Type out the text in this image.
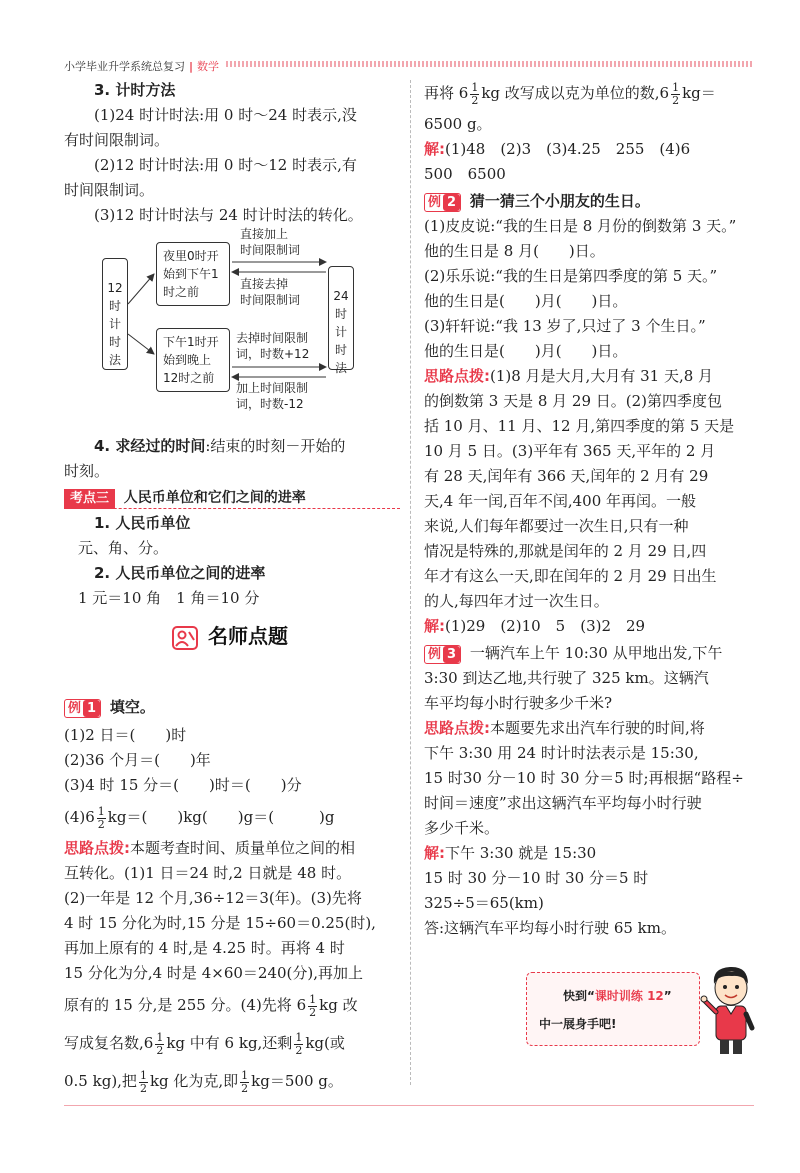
小学毕业升学系统总复习 | 数学
3. 计时方法
(1)24 时计时法:用 0 时～24 时表示,没
有时间限制词。
(2)12 时计时法:用 0 时～12 时表示,有
时间限制词。
(3)12 时计时法与 24 时计时法的转化。
4. 求经过的时间:结束的时刻－开始的
时刻。
考点三 人民币单位和它们之间的进率
1. 人民币单位
元、角、分。
2. 人民币单位之间的进率
1 元＝10 角　1 角＝10 分
例 1 填空。
(1)2 日＝(　　)时
(2)36 个月＝(　　)年
(3)4 时 15 分＝(　　)时＝(　　)分
$(4)6 \frac{1}{2} kg=$(　　)kg(　　)g＝(　　　)g
思路点拨:本题考查时间、质量单位之间的相
互转化。(1)1 日＝24 时,2 日就是 48 时。
(2)一年是 12 个月,36÷12＝3(年)。(3)先将
4 时 15 分化为时,15 分是 15÷60＝0.25(时),
再加上原有的 4 时,是 4.25 时。再将 4 时
15 分化为分,4 时是 4×60＝240(分),再加上
原有的 15 分,是 255 分。(4)先将 $6 \frac{1}{2}$ kg 改
写成复名数$,6 \frac{1}{2}$ kg 中有 6 kg,还剩 $\frac{1}{2} kg$(或
0.5 kg),把 $\frac{1}{2}$ kg 化为克,即 $\frac{1}{2} kg=500$ g。
12
时
计
时
法
夜里0时开
始到下午1
时之前
下午1时开
始到晚上
12时之前
24
时
计
时
法
直接加上
时间限制词
直接去掉
时间限制词
去掉时间限制
词，时数+12
加上时间限制
词，时数-12
名师点题
再将 $6 \frac{1}{2}$ kg 改写成以克为单位的数$,6 \frac{1}{2} kg=$
6500 g。
解:(1)48　(2)3　(3)4.25　255　(4)6
500　6500
例 2 猜一猜三个小朋友的生日。
(1)皮皮说:“我的生日是 8 月份的倒数第 3 天。”
他的生日是 8 月(　　)日。
(2)乐乐说:“我的生日是第四季度的第 5 天。”
他的生日是(　　)月(　　)日。
(3)轩轩说:“我 13 岁了,只过了 3 个生日。”
他的生日是(　　)月(　　)日。
思路点拨:(1)8 月是大月,大月有 31 天,8 月
的倒数第 3 天是 8 月 29 日。(2)第四季度包
括 10 月、11 月、12 月,第四季度的第 5 天是
10 月 5 日。(3)平年有 365 天,平年的 2 月
有 28 天,闰年有 366 天,闰年的 2 月有 29
天,4 年一闰,百年不闰,400 年再闰。一般
来说,人们每年都要过一次生日,只有一种
情况是特殊的,那就是闰年的 2 月 29 日,四
年才有这么一天,即在闰年的 2 月 29 日出生
的人,每四年才过一次生日。
解:(1)29　(2)10　5　(3)2　29
例 3 一辆汽车上午 10:30 从甲地出发,下午
3:30 到达乙地,共行驶了 325 km。这辆汽
车平均每小时行驶多少千米?
思路点拨:本题要先求出汽车行驶的时间,将
下午 3:30 用 24 时计时法表示是 15:30,
15 时30 分－10 时 30 分＝5 时;再根据“路程÷
时间＝速度”求出这辆汽车平均每小时行驶
多少千米。
解:下午 3:30 就是 15:30
15 时 30 分－10 时 30 分＝5 时
325÷5＝65(km)
答:这辆汽车平均每小时行驶 65 km。
快到“课时训练 12”
中一展身手吧!
